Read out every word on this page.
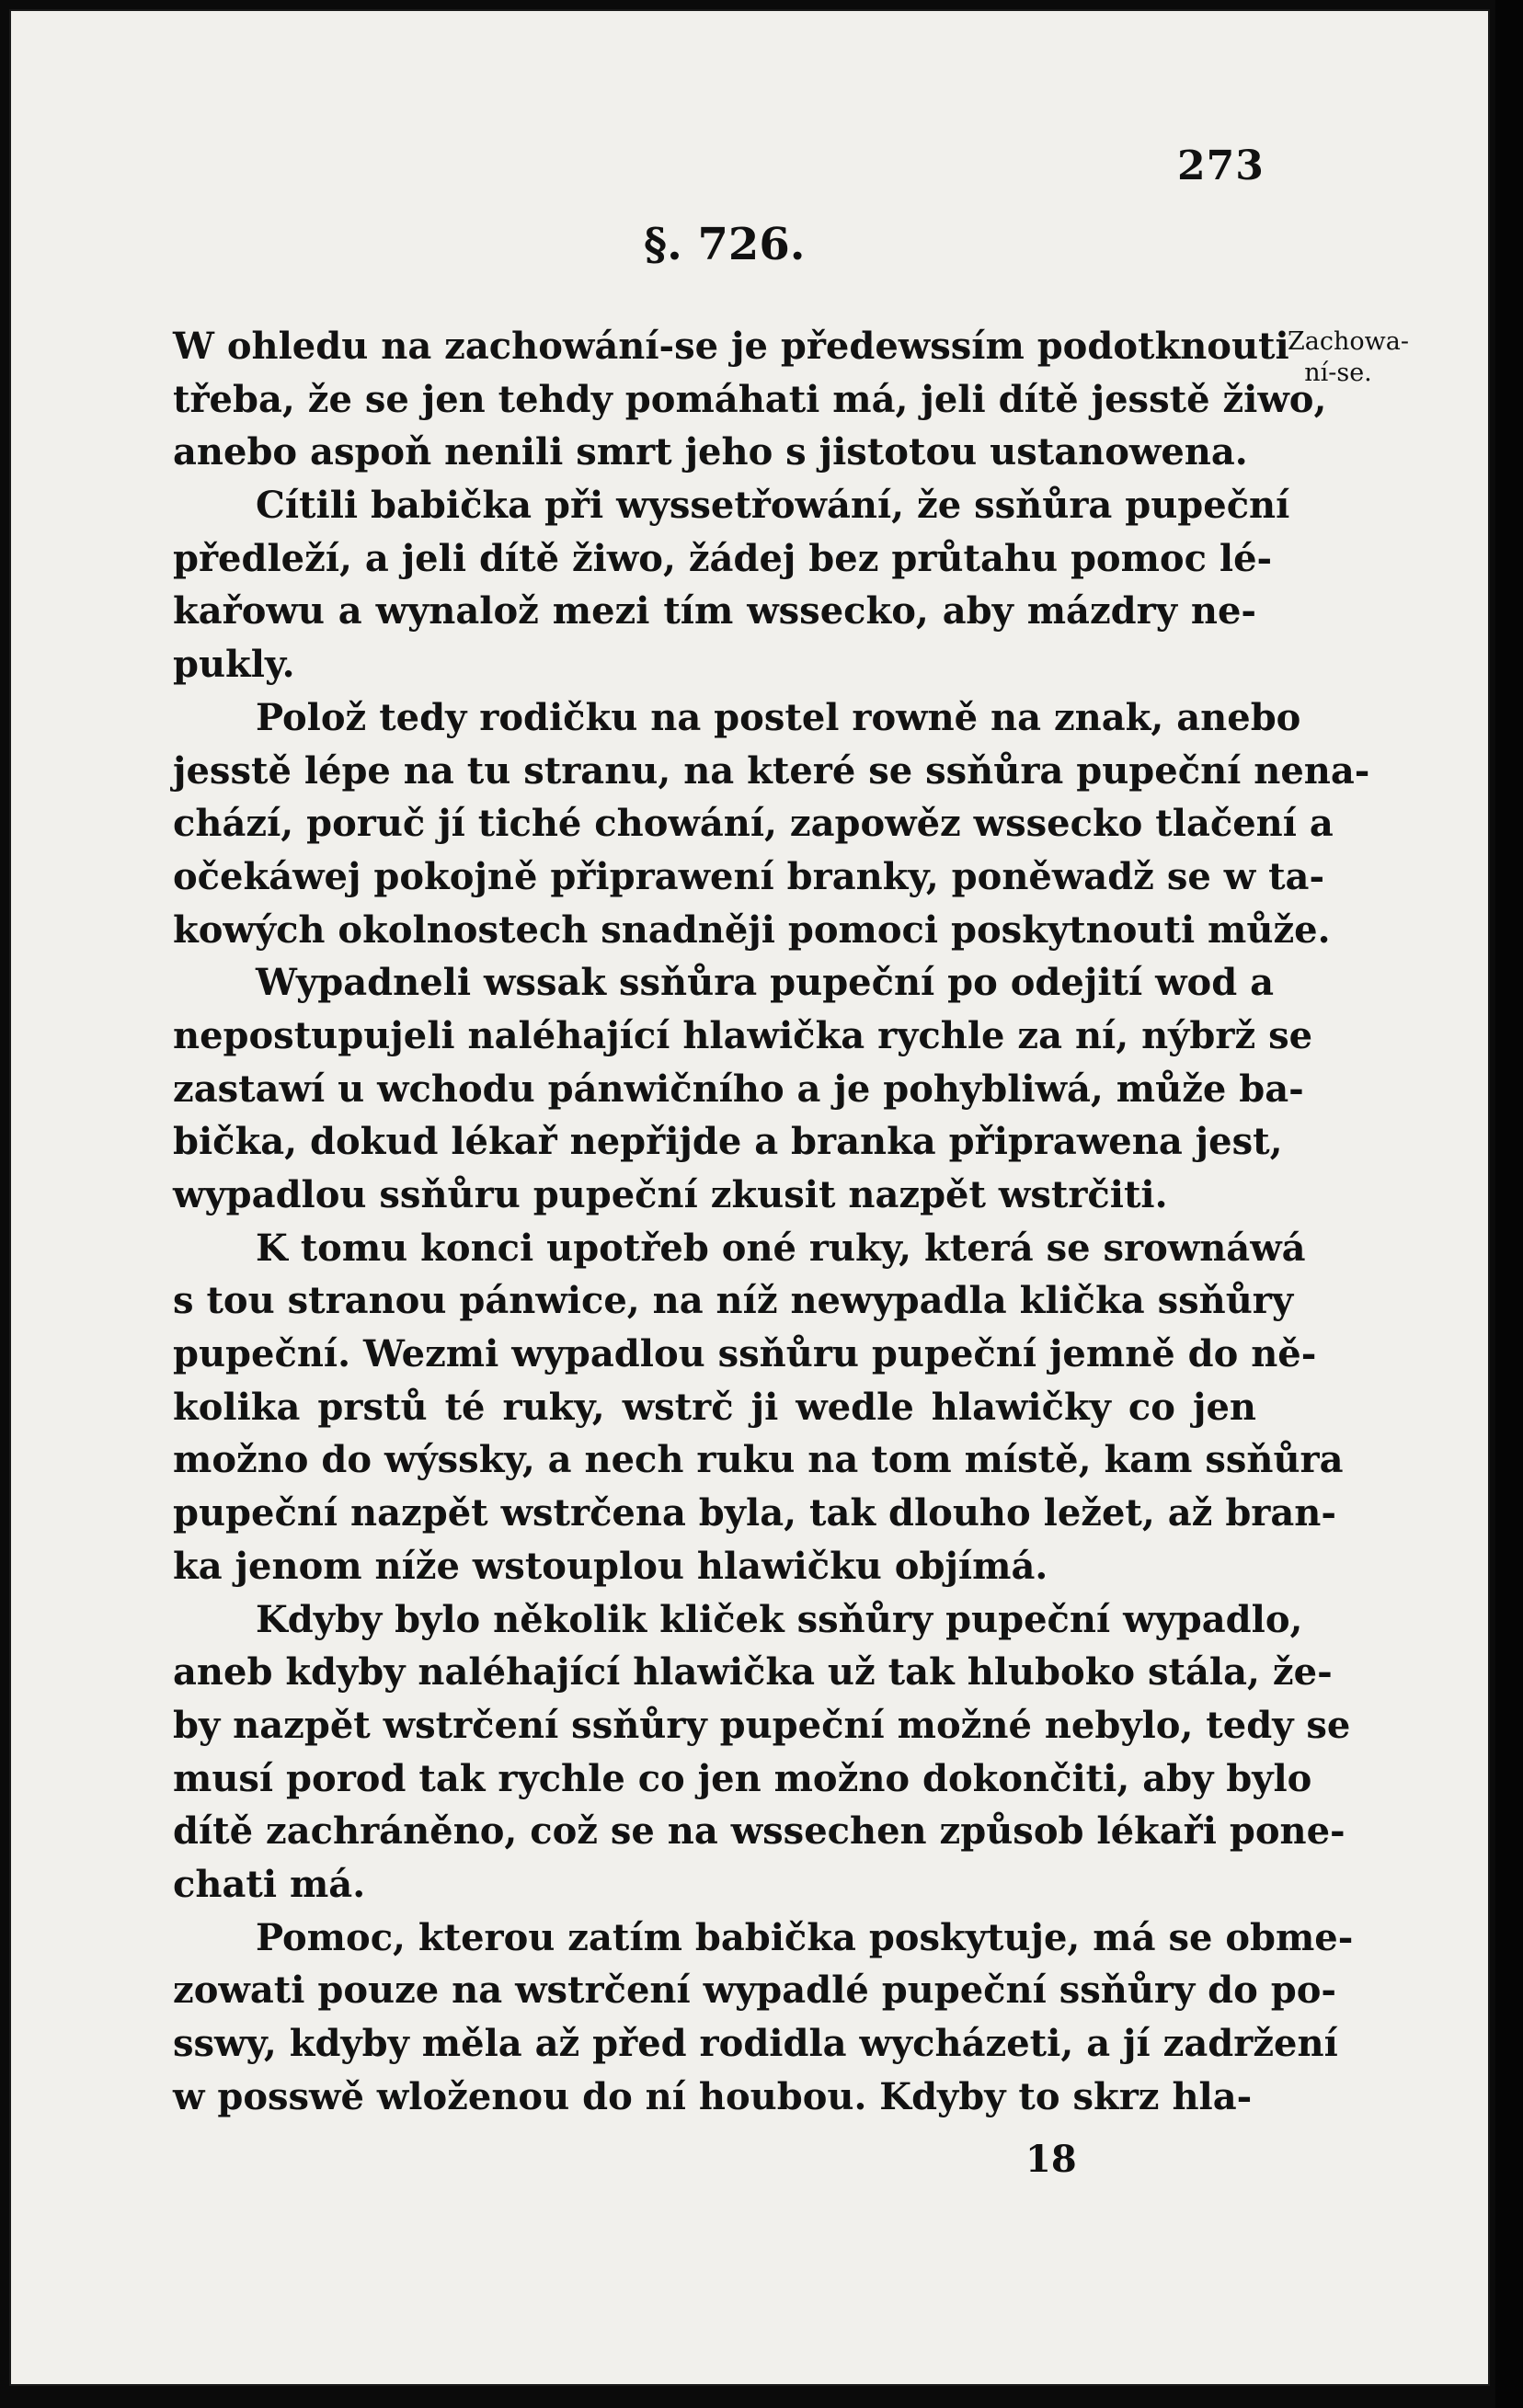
273
§. 726.
Zachowa-
ní-se.
W ohledu na zachowání-se je předewssím podotknouti
třeba, že se jen tehdy pomáhati má, jeli dítě jesstě žiwo,
anebo aspoň nenili smrt jeho s jistotou ustanowena.
Cítili babička při wyssetřowání, že ssňůra pupeční
předleží, a jeli dítě žiwo, žádej bez průtahu pomoc lé-
kařowu a wynalož mezi tím wssecko, aby mázdry ne-
pukly.
Polož tedy rodičku na postel rowně na znak, anebo
jesstě lépe na tu stranu, na které se ssňůra pupeční nena-
chází, poruč jí tiché chowání, zapowěz wssecko tlačení a
očekáwej pokojně připrawení branky, poněwadž se w ta-
kowých okolnostech snadněji pomoci poskytnouti může.
Wypadneli wssak ssňůra pupeční po odejití wod a
nepostupujeli naléhající hlawička rychle za ní, nýbrž se
zastawí u wchodu pánwičního a je pohybliwá, může ba-
bička, dokud lékař nepřijde a branka připrawena jest,
wypadlou ssňůru pupeční zkusit nazpět wstrčiti.
K tomu konci upotřeb oné ruky, která se srownáwá
s tou stranou pánwice, na níž newypadla klička ssňůry
pupeční. Wezmi wypadlou ssňůru pupeční jemně do ně-
kolika prstů té ruky, wstrč ji wedle hlawičky co jen
možno do wýssky, a nech ruku na tom místě, kam ssňůra
pupeční nazpět wstrčena byla, tak dlouho ležet, až bran-
ka jenom níže wstouplou hlawičku objímá.
Kdyby bylo několik kliček ssňůry pupeční wypadlo,
aneb kdyby naléhající hlawička už tak hluboko stála, že-
by nazpět wstrčení ssňůry pupeční možné nebylo, tedy se
musí porod tak rychle co jen možno dokončiti, aby bylo
dítě zachráněno, což se na wssechen způsob lékaři pone-
chati má.
Pomoc, kterou zatím babička poskytuje, má se obme-
zowati pouze na wstrčení wypadlé pupeční ssňůry do po-
sswy, kdyby měla až před rodidla wycházeti, a jí zadržení
w posswě wloženou do ní houbou. Kdyby to skrz hla-
18
